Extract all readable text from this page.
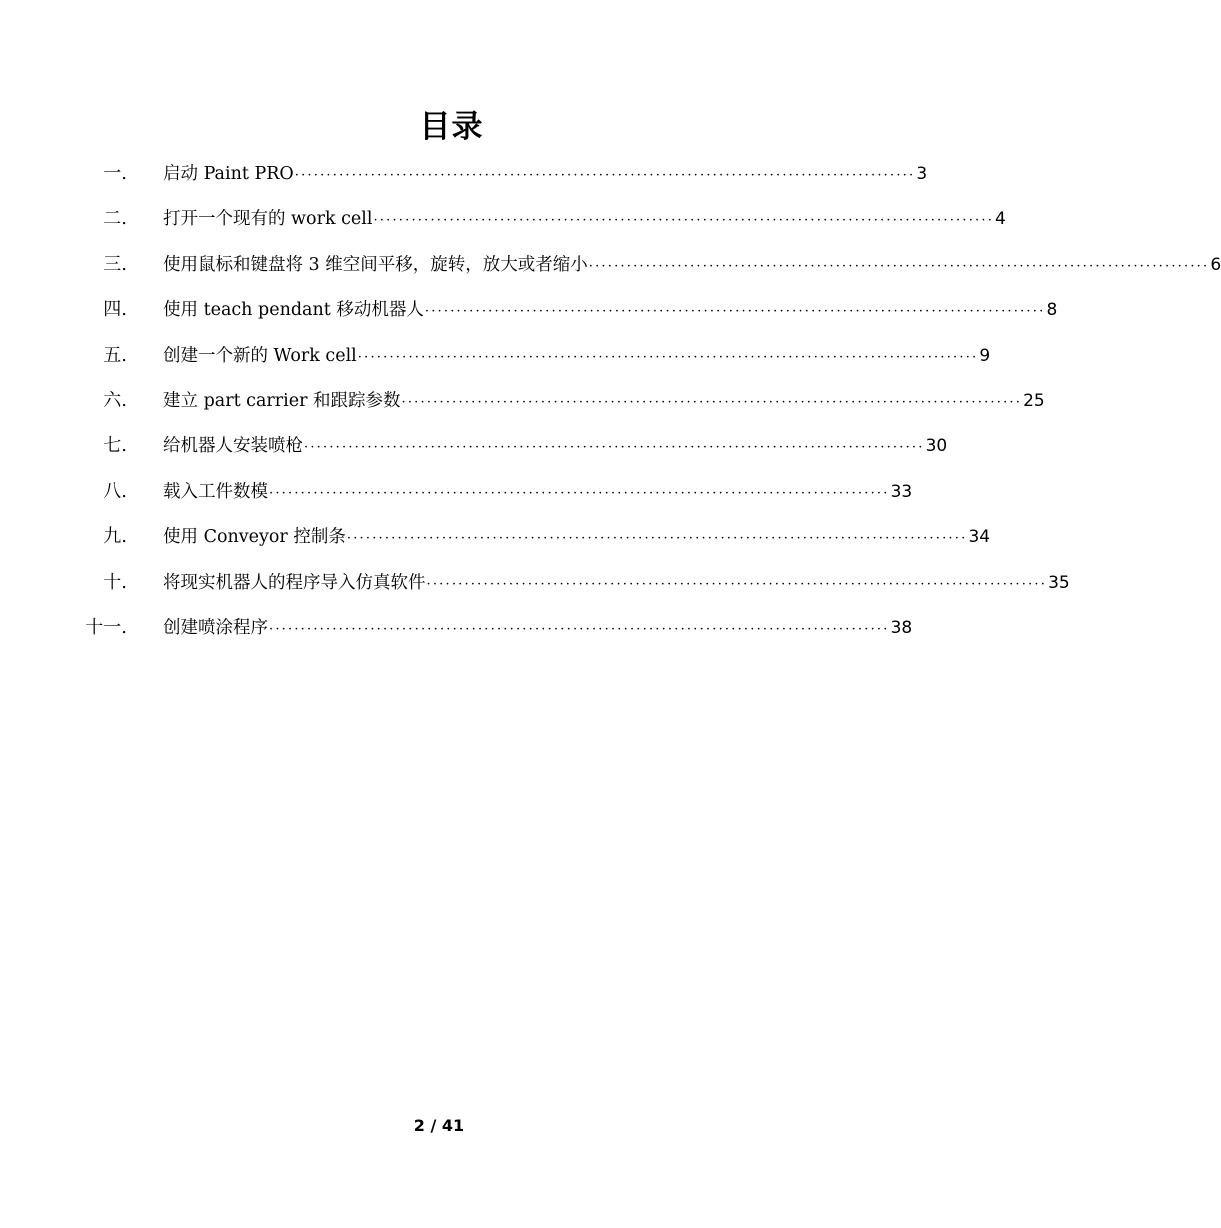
目录
一. 启动 Paint PRO ·································································································· 3
二. 打开一个现有的 work cell ·································································································· 4
三. 使用鼠标和键盘将 3 维空间平移，旋转，放大或者缩小 ·································································································· 6
四. 使用 teach pendant 移动机器人 ·································································································· 8
五. 创建一个新的 Work cell ·································································································· 9
六. 建立 part carrier 和跟踪参数 ·································································································· 25
七. 给机器人安装喷枪 ·································································································· 30
八. 载入工件数模 ·································································································· 33
九. 使用 Conveyor 控制条 ·································································································· 34
十. 将现实机器人的程序导入仿真软件 ·································································································· 35
十一. 创建喷涂程序 ·································································································· 38
2 / 41
